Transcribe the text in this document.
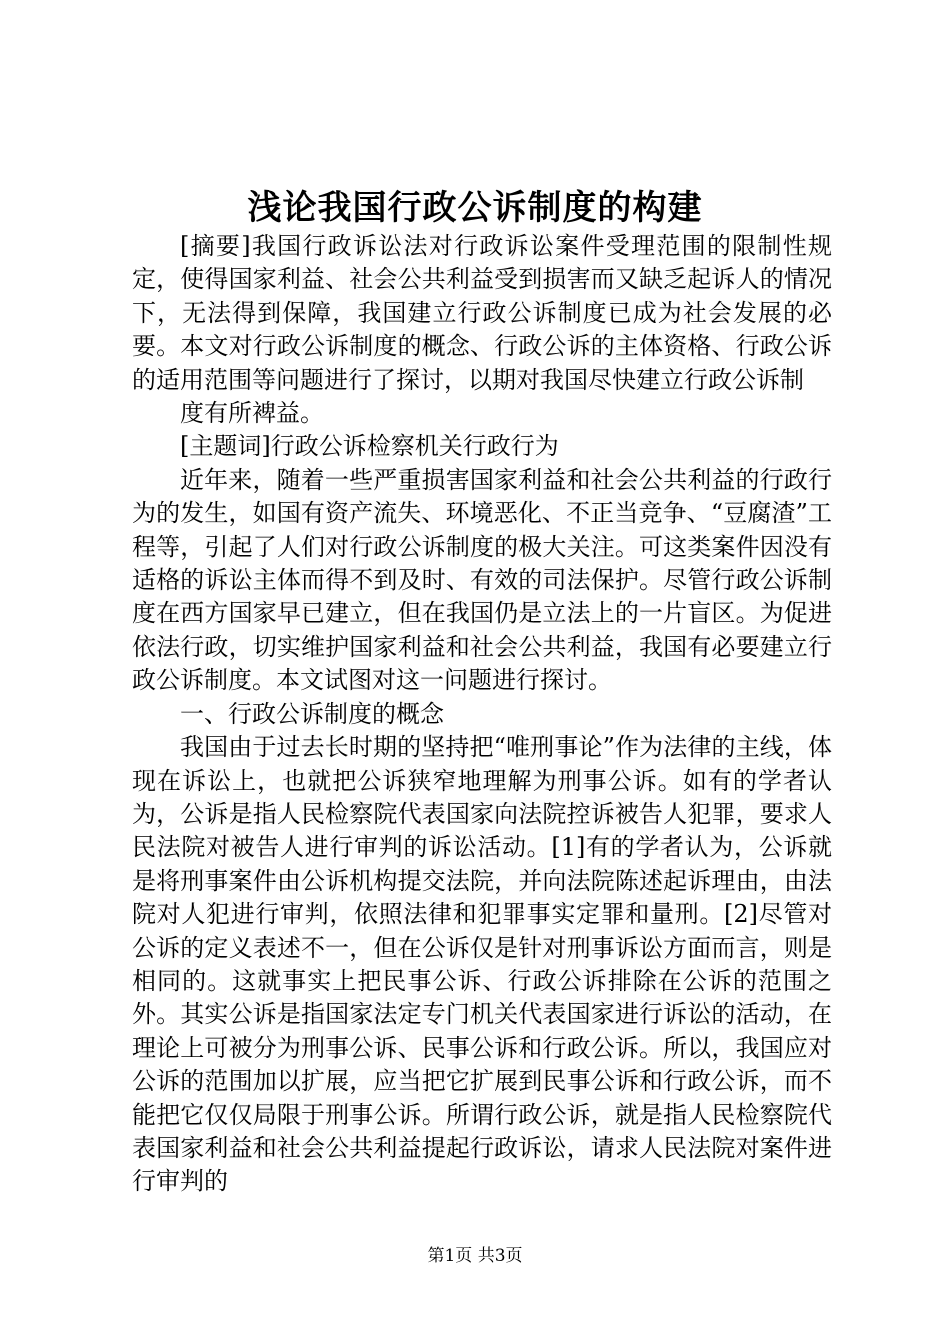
浅论我国行政公诉制度的构建

[摘要]我国行政诉讼法对行政诉讼案件受理范围的限制性规定，使得国家利益、社会公共利益受到损害而又缺乏起诉人的情况下，无法得到保障，我国建立行政公诉制度已成为社会发展的必要。本文对行政公诉制度的概念、行政公诉的主体资格、行政公诉的适用范围等问题进行了探讨，以期对我国尽快建立行政公诉制

度有所裨益。

[主题词]行政公诉检察机关行政行为

近年来，随着一些严重损害国家利益和社会公共利益的行政行为的发生，如国有资产流失、环境恶化、不正当竞争、“豆腐渣”工程等，引起了人们对行政公诉制度的极大关注。可这类案件因没有适格的诉讼主体而得不到及时、有效的司法保护。尽管行政公诉制度在西方国家早已建立，但在我国仍是立法上的一片盲区。为促进依法行政，切实维护国家利益和社会公共利益，我国有必要建立行政公诉制度。本文试图对这一问题进行探讨。

一、行政公诉制度的概念

我国由于过去长时期的坚持把“唯刑事论”作为法律的主线，体现在诉讼上，也就把公诉狭窄地理解为刑事公诉。如有的学者认为，公诉是指人民检察院代表国家向法院控诉被告人犯罪，要求人民法院对被告人进行审判的诉讼活动。[1]有的学者认为，公诉就是将刑事案件由公诉机构提交法院，并向法院陈述起诉理由，由法院对人犯进行审判，依照法律和犯罪事实定罪和量刑。[2]尽管对公诉的定义表述不一，但在公诉仅是针对刑事诉讼方面而言，则是相同的。这就事实上把民事公诉、行政公诉排除在公诉的范围之外。其实公诉是指国家法定专门机关代表国家进行诉讼的活动，在理论上可被分为刑事公诉、民事公诉和行政公诉。所以，我国应对公诉的范围加以扩展，应当把它扩展到民事公诉和行政公诉，而不能把它仅仅局限于刑事公诉。所谓行政公诉，就是指人民检察院代表国家利益和社会公共利益提起行政诉讼，请求人民法院对案件进行审判的

第1页 共3页
